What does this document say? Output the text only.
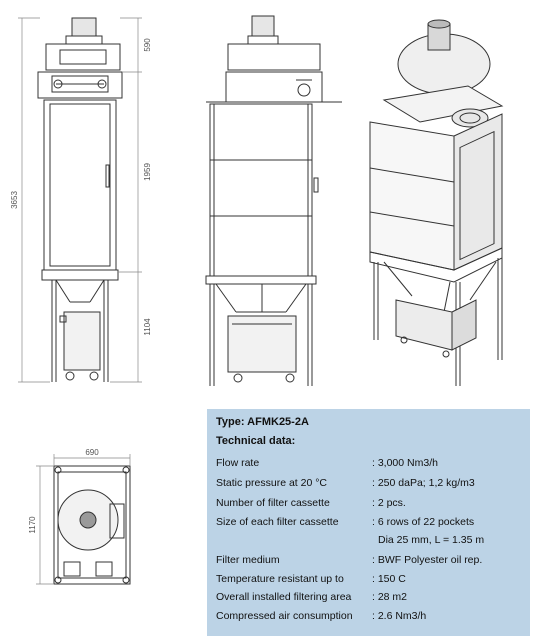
3653
590
1959
1104
690
1170
Type: AFMK25-2A
Technical data:
Flow rate	: 3,000 Nm3/h
Static pressure at 20 °C	: 250 daPa; 1,2 kg/m3
Number of filter cassette	: 2 pcs.
Size of each filter cassette	: 6 rows of 22 pockets
Dia 25 mm, L = 1.35 m
Filter medium	: BWF Polyester oil rep.
Temperature resistant up to	: 150 C
Overall installed filtering area : 28 m2
Compressed air consumption : 2.6 Nm3/h
